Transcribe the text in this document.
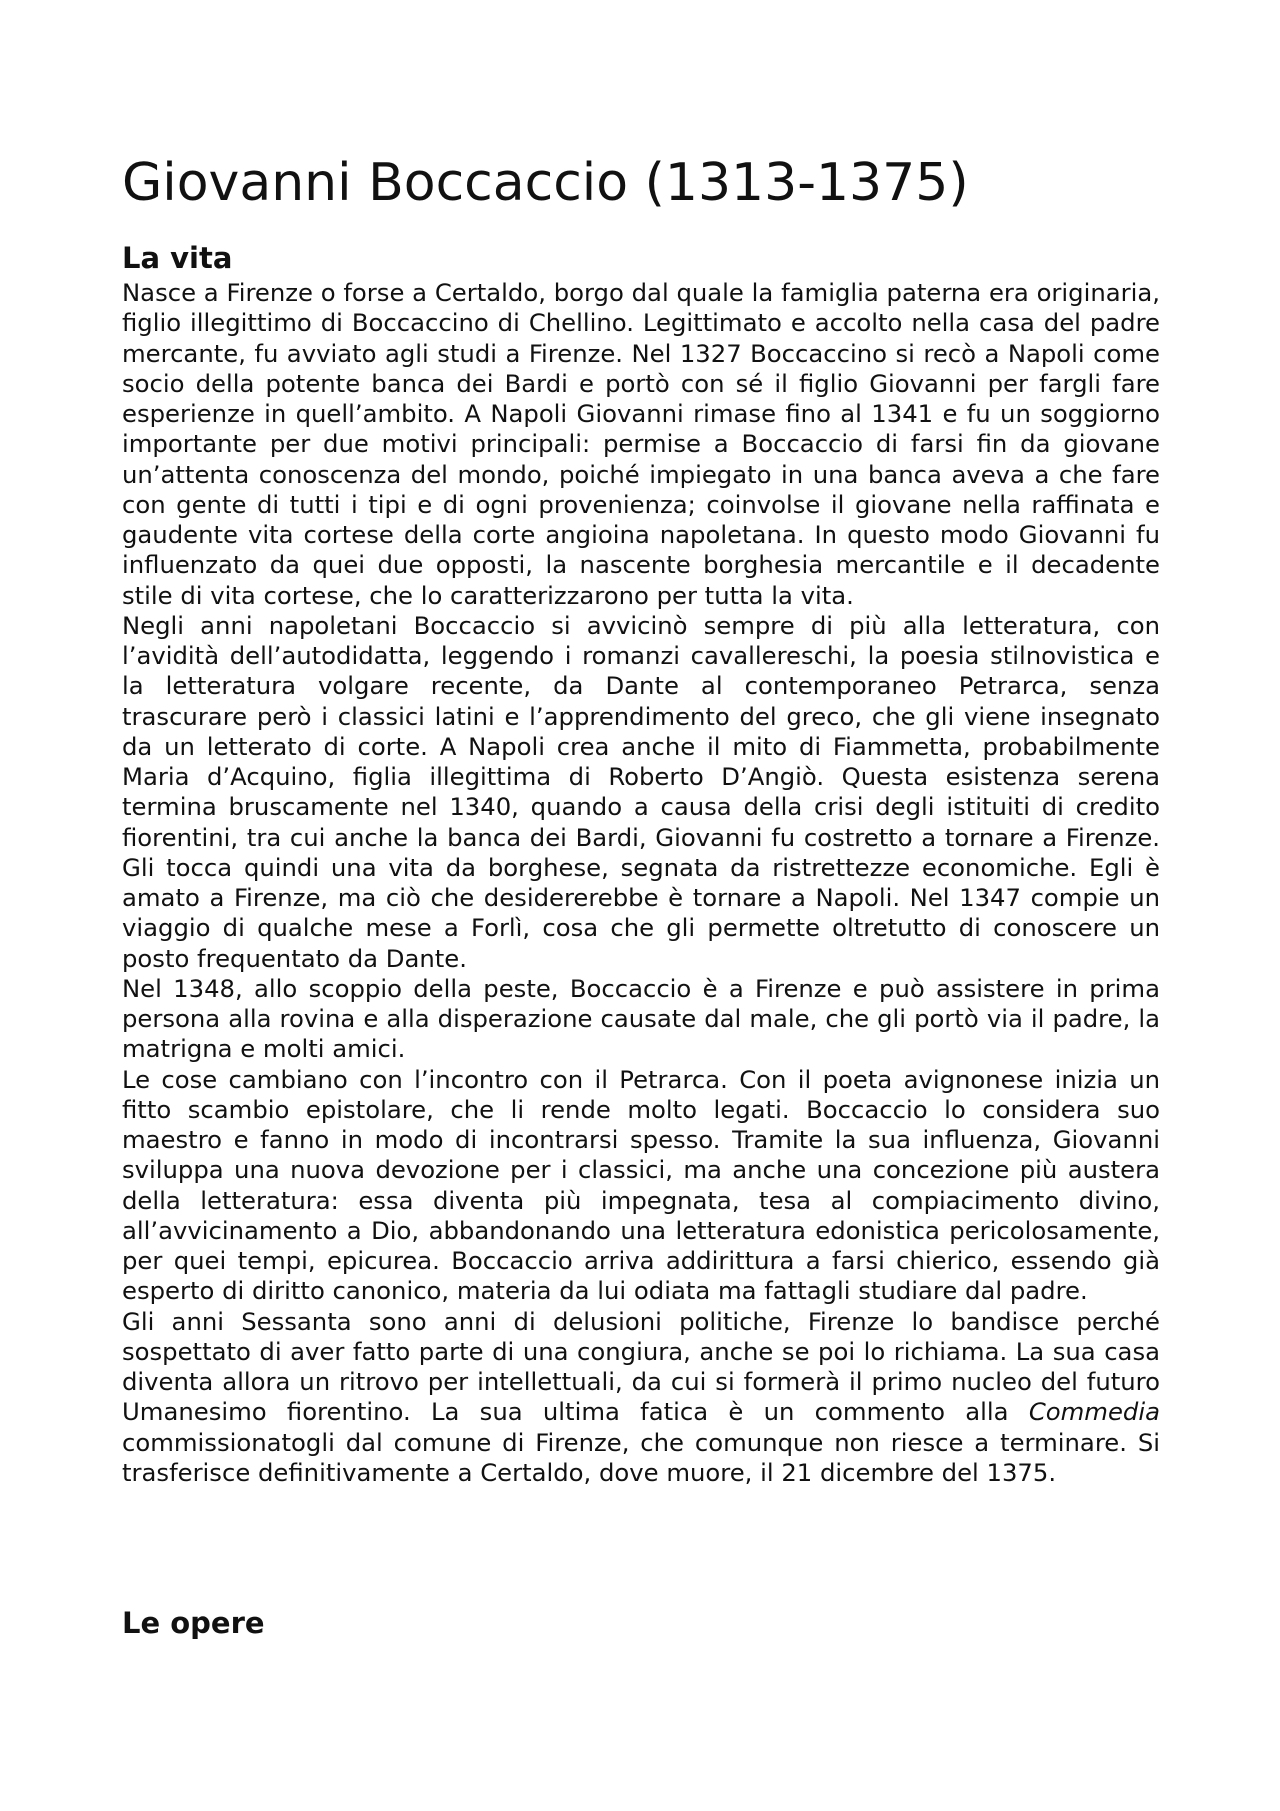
Giovanni Boccaccio (1313-1375)
La vita

Nasce a Firenze o forse a Certaldo, borgo dal quale la famiglia paterna era originaria, figlio illegittimo di Boccaccino di Chellino. Legittimato e accolto nella casa del padre mercante, fu avviato agli studi a Firenze. Nel 1327 Boccaccino si recò a Napoli come socio della potente banca dei Bardi e portò con sé il figlio Giovanni per fargli fare esperienze in quell’ambito. A Napoli Giovanni rimase fino al 1341 e fu un soggiorno importante per due motivi principali: permise a Boccaccio di farsi fin da giovane un’attenta conoscenza del mondo, poiché impiegato in una banca aveva a che fare con gente di tutti i tipi e di ogni provenienza; coinvolse il giovane nella raffinata e gaudente vita cortese della corte angioina napoletana. In questo modo Giovanni fu influenzato da quei due opposti, la nascente borghesia mercantile e il decadente stile di vita cortese, che lo caratterizzarono per tutta la vita.

Negli anni napoletani Boccaccio si avvicinò sempre di più alla letteratura, con l’avidità dell’autodidatta, leggendo i romanzi cavallereschi, la poesia stilnovistica e la letteratura volgare recente, da Dante al contemporaneo Petrarca, senza trascurare però i classici latini e l’apprendimento del greco, che gli viene insegnato da un letterato di corte. A Napoli crea anche il mito di Fiammetta, probabilmente Maria d’Acquino, figlia illegittima di Roberto D’Angiò. Questa esistenza serena termina bruscamente nel 1340, quando a causa della crisi degli istituiti di credito fiorentini, tra cui anche la banca dei Bardi, Giovanni fu costretto a tornare a Firenze. Gli tocca quindi una vita da borghese, segnata da ristrettezze economiche. Egli è amato a Firenze, ma ciò che desidererebbe è tornare a Napoli. Nel 1347 compie un viaggio di qualche mese a Forlì, cosa che gli permette oltretutto di conoscere un posto frequentato da Dante.

Nel 1348, allo scoppio della peste, Boccaccio è a Firenze e può assistere in prima persona alla rovina e alla disperazione causate dal male, che gli portò via il padre, la matrigna e molti amici.

Le cose cambiano con l’incontro con il Petrarca. Con il poeta avignonese inizia un fitto scambio epistolare, che li rende molto legati. Boccaccio lo considera suo maestro e fanno in modo di incontrarsi spesso. Tramite la sua influenza, Giovanni sviluppa una nuova devozione per i classici, ma anche una concezione più austera della letteratura: essa diventa più impegnata, tesa al compiacimento divino, all’avvicinamento a Dio, abbandonando una letteratura edonistica pericolosamente, per quei tempi, epicurea. Boccaccio arriva addirittura a farsi chierico, essendo già esperto di diritto canonico, materia da lui odiata ma fattagli studiare dal padre.

Gli anni Sessanta sono anni di delusioni politiche, Firenze lo bandisce perché sospettato di aver fatto parte di una congiura, anche se poi lo richiama. La sua casa diventa allora un ritrovo per intellettuali, da cui si formerà il primo nucleo del futuro Umanesimo fiorentino. La sua ultima fatica è un commento alla Commedia commissionatogli dal comune di Firenze, che comunque non riesce a terminare. Si trasferisce definitivamente a Certaldo, dove muore, il 21 dicembre del 1375.

Le opere
